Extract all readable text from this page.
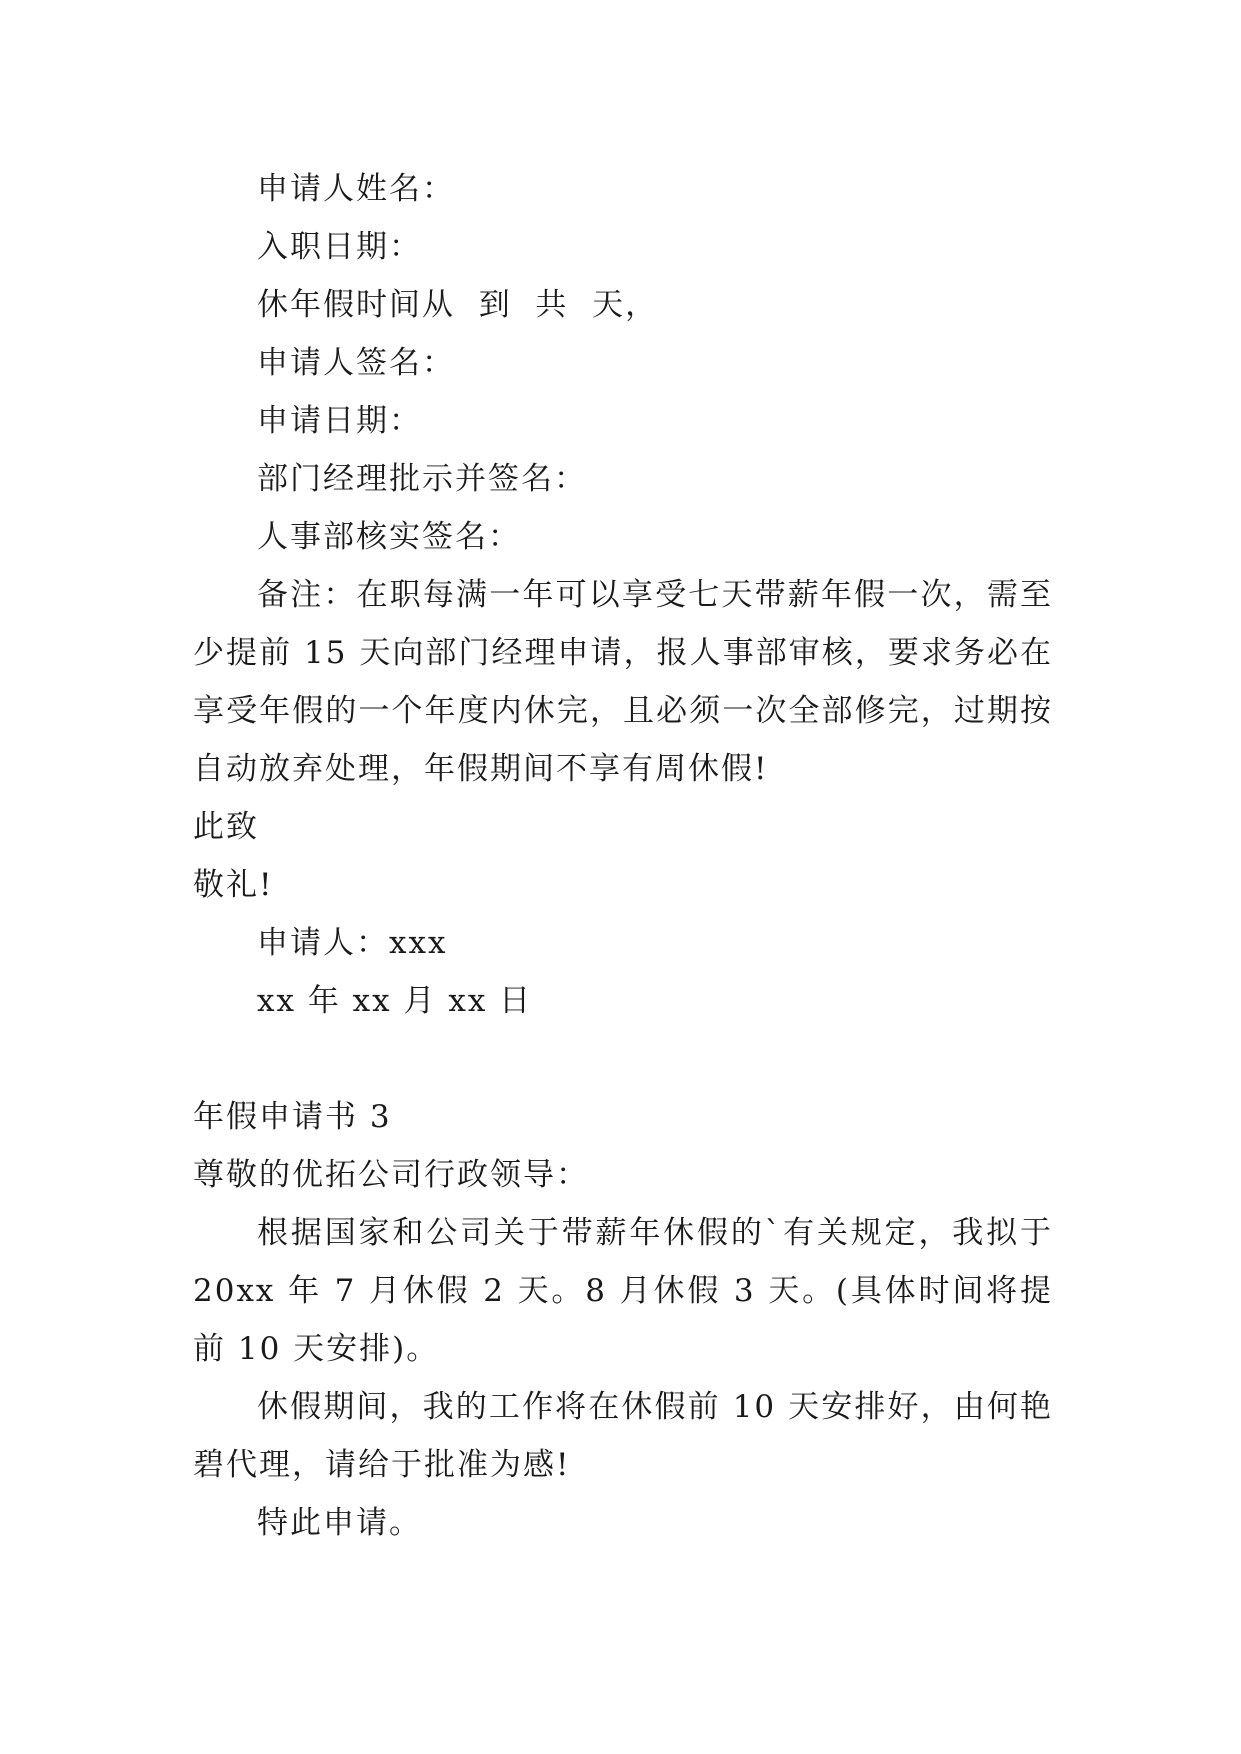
申请人姓名：
入职日期：
休年假时间从  到  共  天，
申请人签名：
申请日期：
部门经理批示并签名：
人事部核实签名：
备注：在职每满一年可以享受七天带薪年假一次，需至少提前 15 天向部门经理申请，报人事部审核，要求务必在享受年假的一个年度内休完，且必须一次全部修完，过期按自动放弃处理，年假期间不享有周休假!
此致
敬礼!
申请人：xxx
xx 年 xx 月 xx 日
年假申请书 3
尊敬的优拓公司行政领导：
根据国家和公司关于带薪年休假的`有关规定，我拟于 20xx 年 7 月休假 2 天。8 月休假 3 天。(具体时间将提前 10 天安排)。
休假期间，我的工作将在休假前 10 天安排好，由何艳碧代理，请给于批准为感!
特此申请。
